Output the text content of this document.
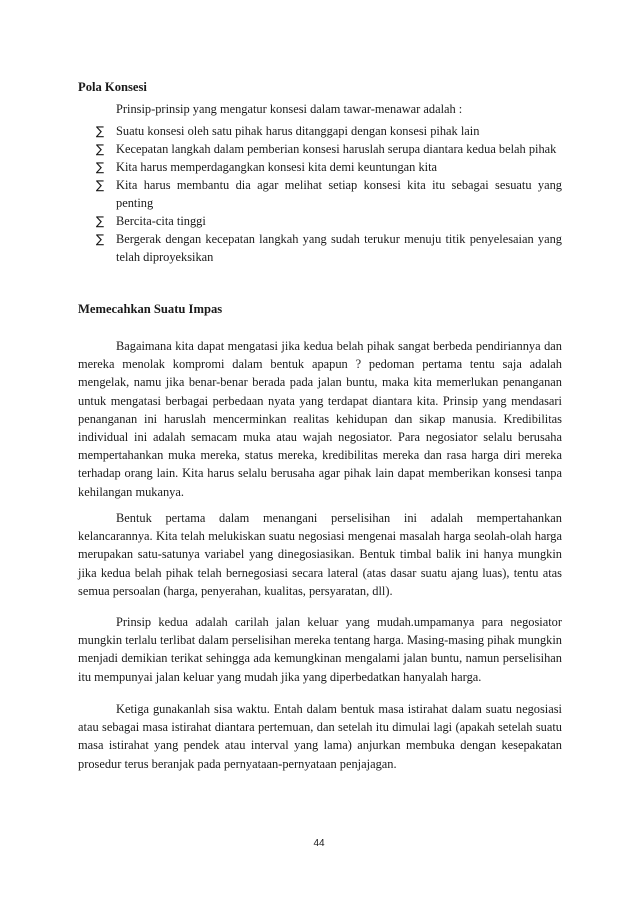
Pola Konsesi
Prinsip-prinsip yang mengatur konsesi dalam tawar-menawar adalah :
∑ Suatu konsesi oleh satu pihak harus ditanggapi dengan konsesi pihak lain
∑ Kecepatan langkah dalam pemberian konsesi haruslah serupa diantara kedua belah pihak
∑ Kita harus memperdagangkan konsesi kita demi keuntungan kita
∑ Kita harus membantu dia agar melihat setiap konsesi kita itu sebagai sesuatu yang penting
∑ Bercita-cita tinggi
∑ Bergerak dengan kecepatan langkah yang sudah terukur menuju titik penyelesaian yang telah diproyeksikan
Memecahkan Suatu Impas

Bagaimana kita dapat mengatasi jika kedua belah pihak sangat berbeda pendiriannya dan mereka menolak kompromi dalam bentuk apapun ? pedoman pertama tentu saja adalah mengelak, namu jika benar-benar berada pada jalan buntu, maka kita memerlukan penanganan untuk mengatasi berbagai perbedaan nyata yang terdapat diantara kita. Prinsip yang mendasari penanganan ini haruslah mencerminkan realitas kehidupan dan sikap manusia. Kredibilitas individual ini adalah semacam muka atau wajah negosiator. Para negosiator selalu berusaha mempertahankan muka mereka, status mereka, kredibilitas mereka dan rasa harga diri mereka terhadap orang lain. Kita harus selalu berusaha agar pihak lain dapat memberikan konsesi tanpa kehilangan mukanya.

Bentuk pertama dalam menangani perselisihan ini adalah mempertahankan kelancarannya. Kita telah melukiskan suatu negosiasi mengenai masalah harga seolah-olah harga merupakan satu-satunya variabel yang dinegosiasikan. Bentuk timbal balik ini hanya mungkin jika kedua belah pihak telah bernegosiasi secara lateral (atas dasar suatu ajang luas), tentu atas semua persoalan (harga, penyerahan, kualitas, persyaratan, dll).

Prinsip kedua adalah carilah jalan keluar yang mudah.umpamanya para negosiator mungkin terlalu terlibat dalam perselisihan mereka tentang harga. Masing-masing pihak mungkin menjadi demikian terikat sehingga ada kemungkinan mengalami jalan buntu, namun perselisihan itu mempunyai jalan keluar yang mudah jika yang diperbedatkan hanyalah harga.

Ketiga gunakanlah sisa waktu. Entah dalam bentuk masa istirahat dalam suatu negosiasi atau sebagai masa istirahat diantara pertemuan, dan setelah itu dimulai lagi (apakah setelah suatu masa istirahat yang pendek atau interval yang lama) anjurkan membuka dengan kesepakatan prosedur terus beranjak pada pernyataan-pernyataan penjajagan.

44
